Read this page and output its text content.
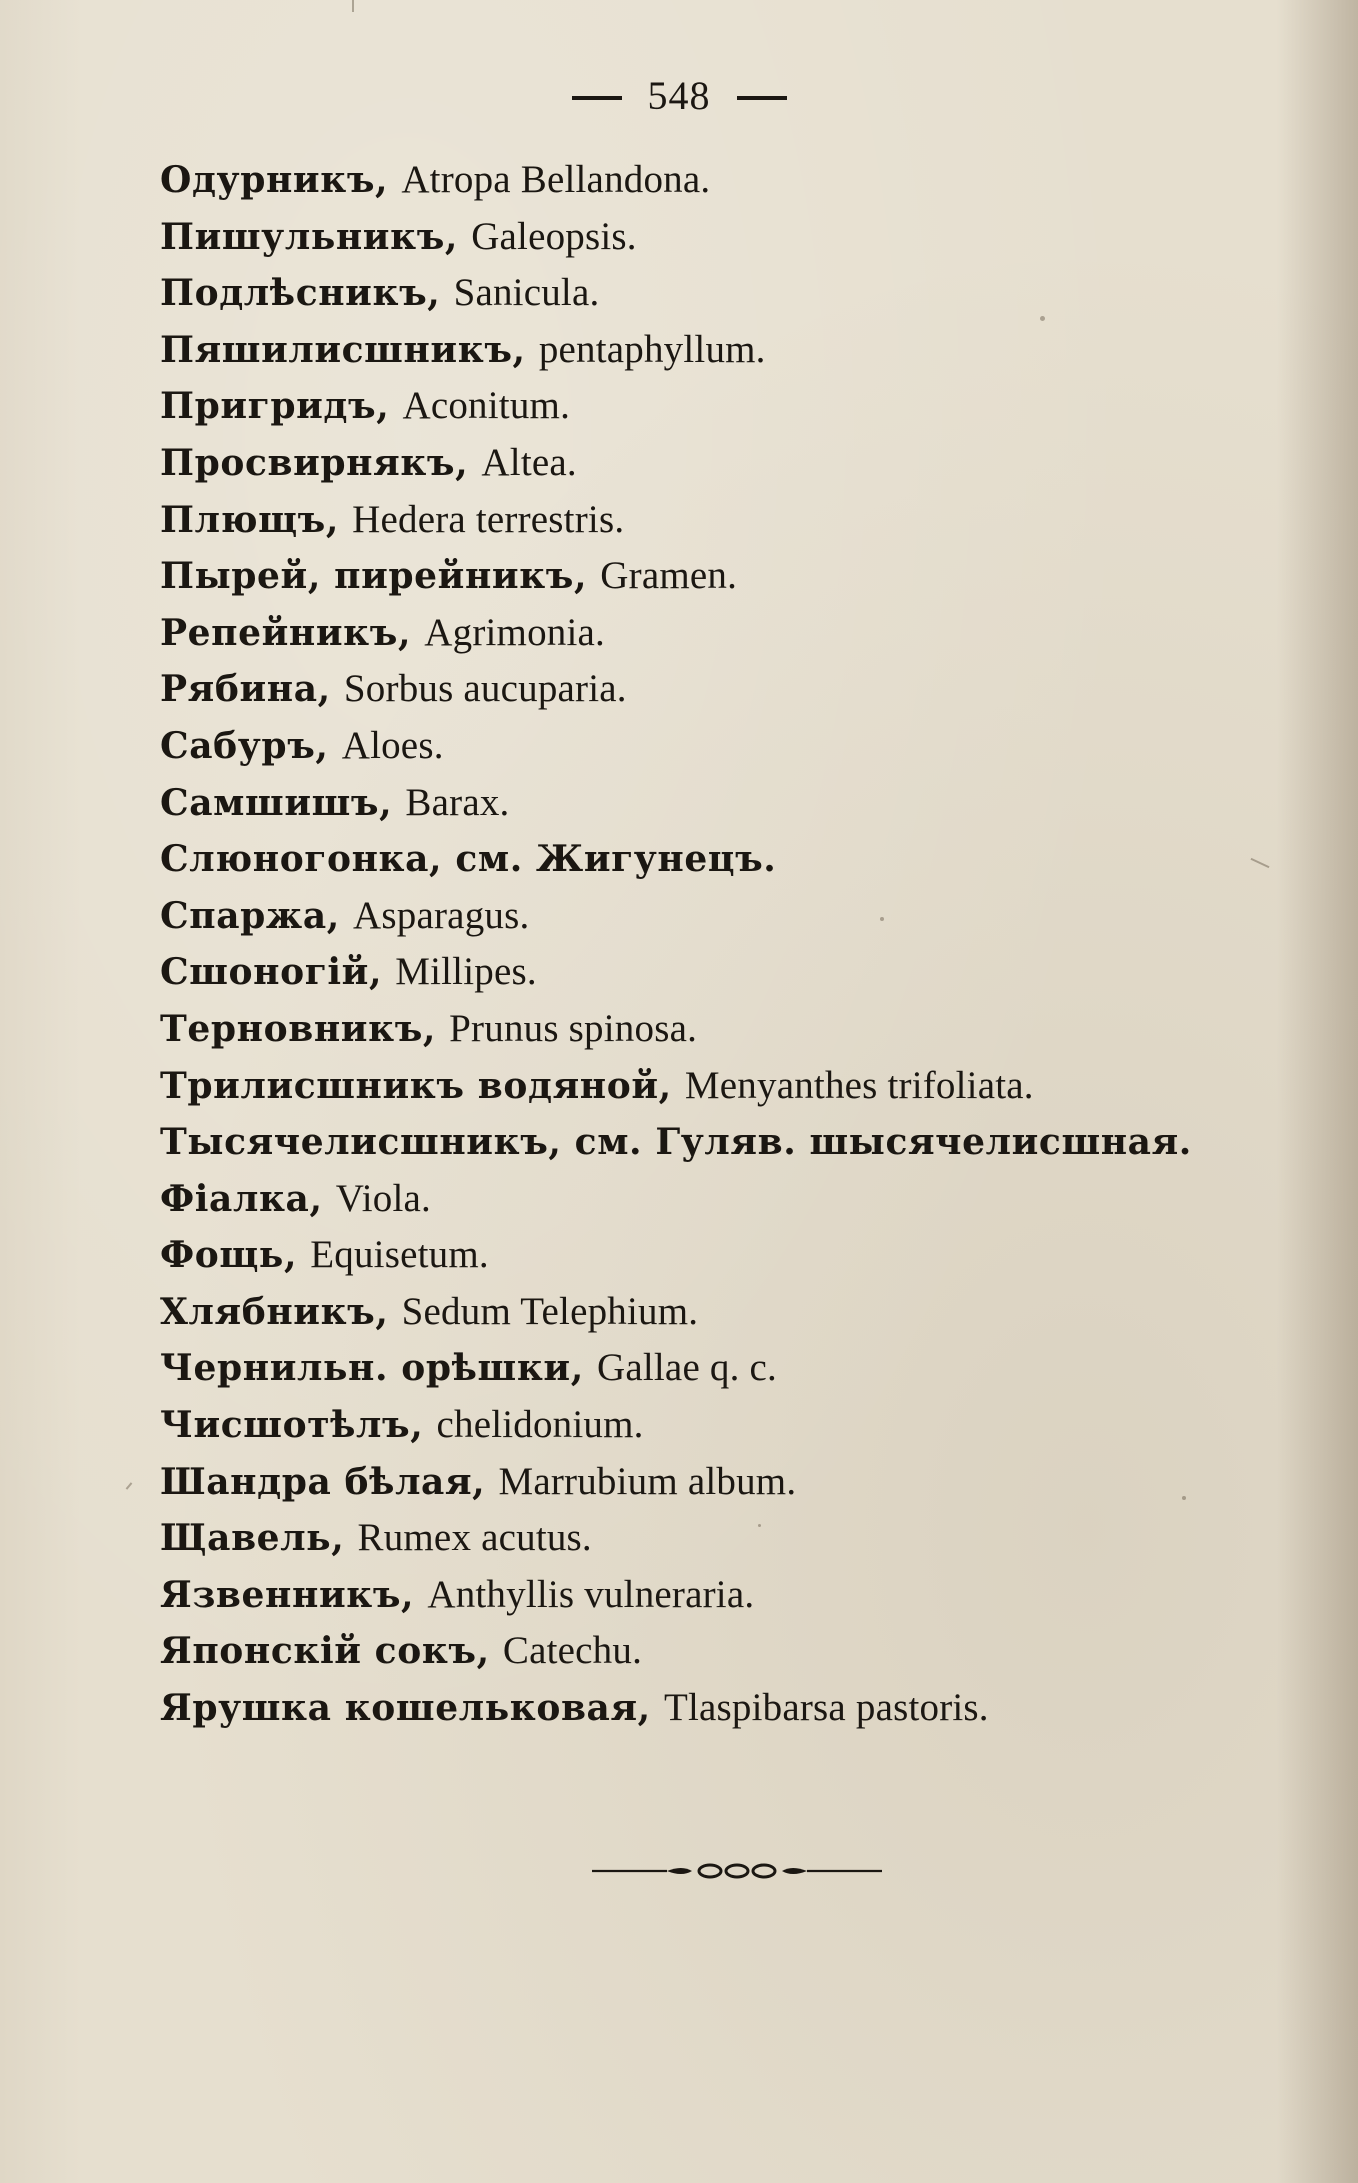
548
Одурникъ, Atropa Bellandona.
Пишульникъ, Galeopsis.
Подлѣсникъ, Sanicula.
Пяшилисшникъ, pentaphyllum.
Пригридъ, Aconitum.
Просвирнякъ, Altea.
Плющъ, Hedera terrestris.
Пырей, пирейникъ, Gramen.
Репейникъ, Agrimonia.
Рябина, Sorbus aucuparia.
Сабуръ, Aloes.
Самшишъ, Barax.
Слюногонка, см. Жигунецъ.
Спаржа, Asparagus.
Сшоногій, Millipes.
Терновникъ, Prunus spinosa.
Трилисшникъ водяной, Menyanthes trifoliata.
Тысячелисшникъ, см. Гуляв. шысячелисшная.
Фіалка, Viola.
Фощь, Equisetum.
Хлябникъ, Sedum Telephium.
Чернильн. орѣшки, Gallae q. c.
Чисшотѣлъ, chelidonium.
Шандра бѣлая, Marrubium album.
Щавель, Rumex acutus.
Язвенникъ, Anthyllis vulneraria.
Японскій сокъ, Catechu.
Ярушка кошельковая, Tlaspibarsa pastoris.
